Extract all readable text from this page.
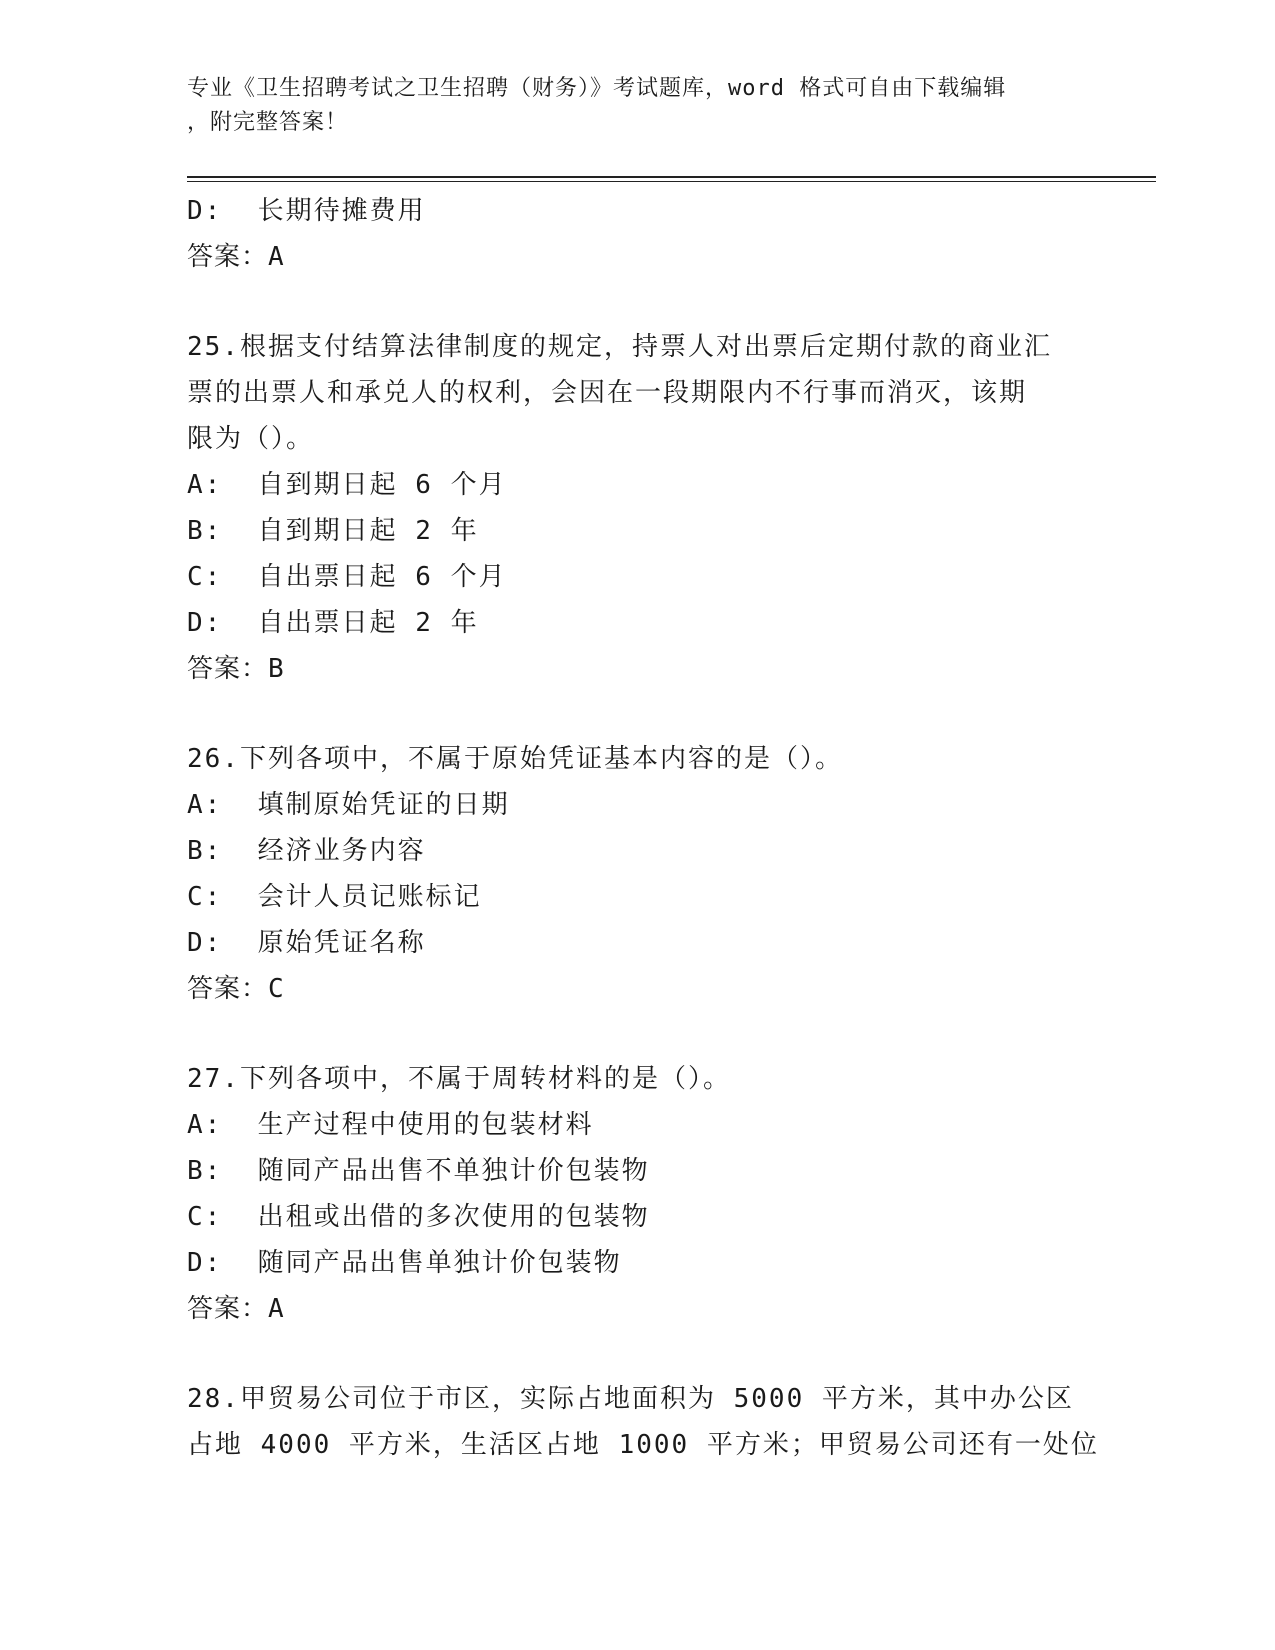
专业《卫生招聘考试之卫生招聘（财务）》考试题库，word 格式可自由下载编辑
，附完整答案！
D:  长期待摊费用
答案：A
25.根据支付结算法律制度的规定，持票人对出票后定期付款的商业汇
票的出票人和承兑人的权利，会因在一段期限内不行事而消灭，该期
限为（）。
A:  自到期日起 6 个月
B:  自到期日起 2 年
C:  自出票日起 6 个月
D:  自出票日起 2 年
答案：B
26.下列各项中，不属于原始凭证基本内容的是（）。
A:  填制原始凭证的日期
B:  经济业务内容
C:  会计人员记账标记
D:  原始凭证名称
答案：C
27.下列各项中，不属于周转材料的是（）。
A:  生产过程中使用的包装材料
B:  随同产品出售不单独计价包装物
C:  出租或出借的多次使用的包装物
D:  随同产品出售单独计价包装物
答案：A
28.甲贸易公司位于市区，实际占地面积为 5000 平方米，其中办公区
占地 4000 平方米，生活区占地 1000 平方米；甲贸易公司还有一处位
